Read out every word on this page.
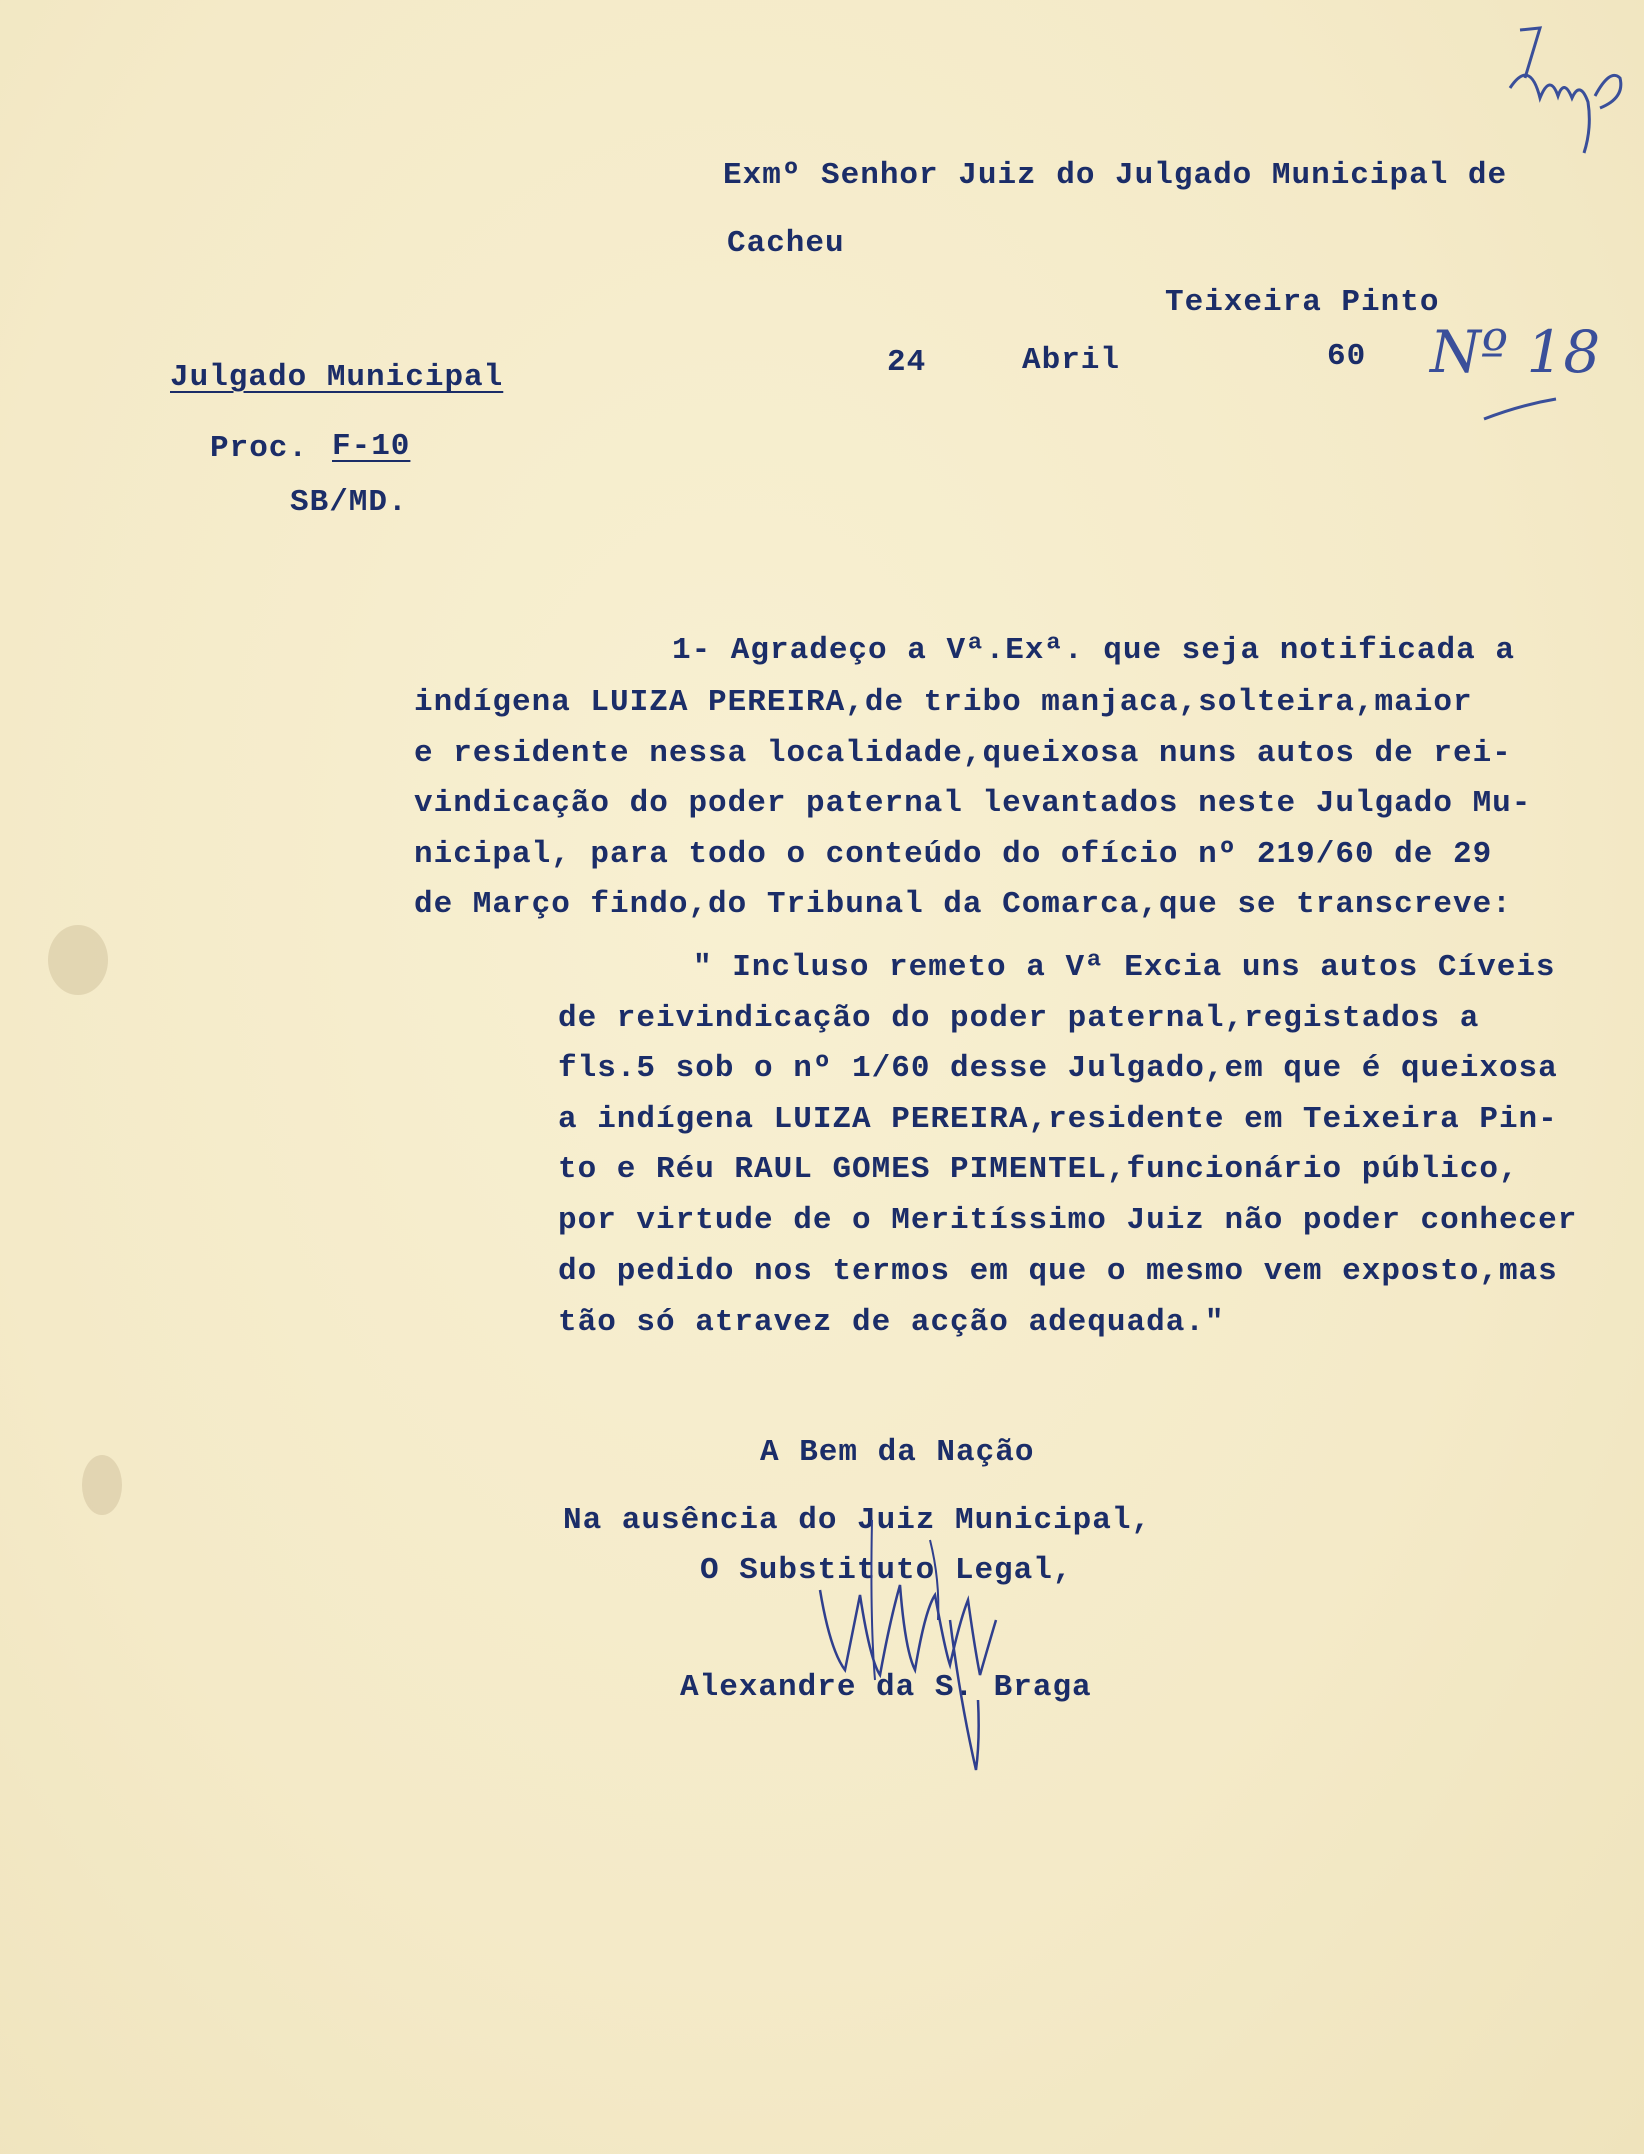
Exmº Senhor Juiz do Julgado Municipal de
Cacheu
Teixeira Pinto
24	Abril	60 Nº 18
Julgado Municipal
Proc. F-10
SB/MD.
1- Agradeço a Vª.Exª. que seja notificada a
indígena LUIZA PEREIRA,de tribo manjaca,solteira,maior
e residente nessa localidade,queixosa nuns autos de rei-
vindicação do poder paternal levantados neste Julgado Mu-
nicipal, para todo o conteúdo do ofício nº 219/60 de 29
de Março findo,do Tribunal da Comarca,que se transcreve:
" Incluso remeto a Vª Excia uns autos Cíveis
de reivindicação do poder paternal,registados a
fls.5 sob o nº 1/60 desse Julgado,em que é queixosa
a indígena LUIZA PEREIRA,residente em Teixeira Pin-
to e Réu RAUL GOMES PIMENTEL,funcionário público,
por virtude de o Meritíssimo Juiz não poder conhecer
do pedido nos termos em que o mesmo vem exposto,mas
tão só atravez de acção adequada."
A Bem da Nação
Na ausência do Juiz Municipal,
O Substituto Legal,
Alexandre da S. Braga
